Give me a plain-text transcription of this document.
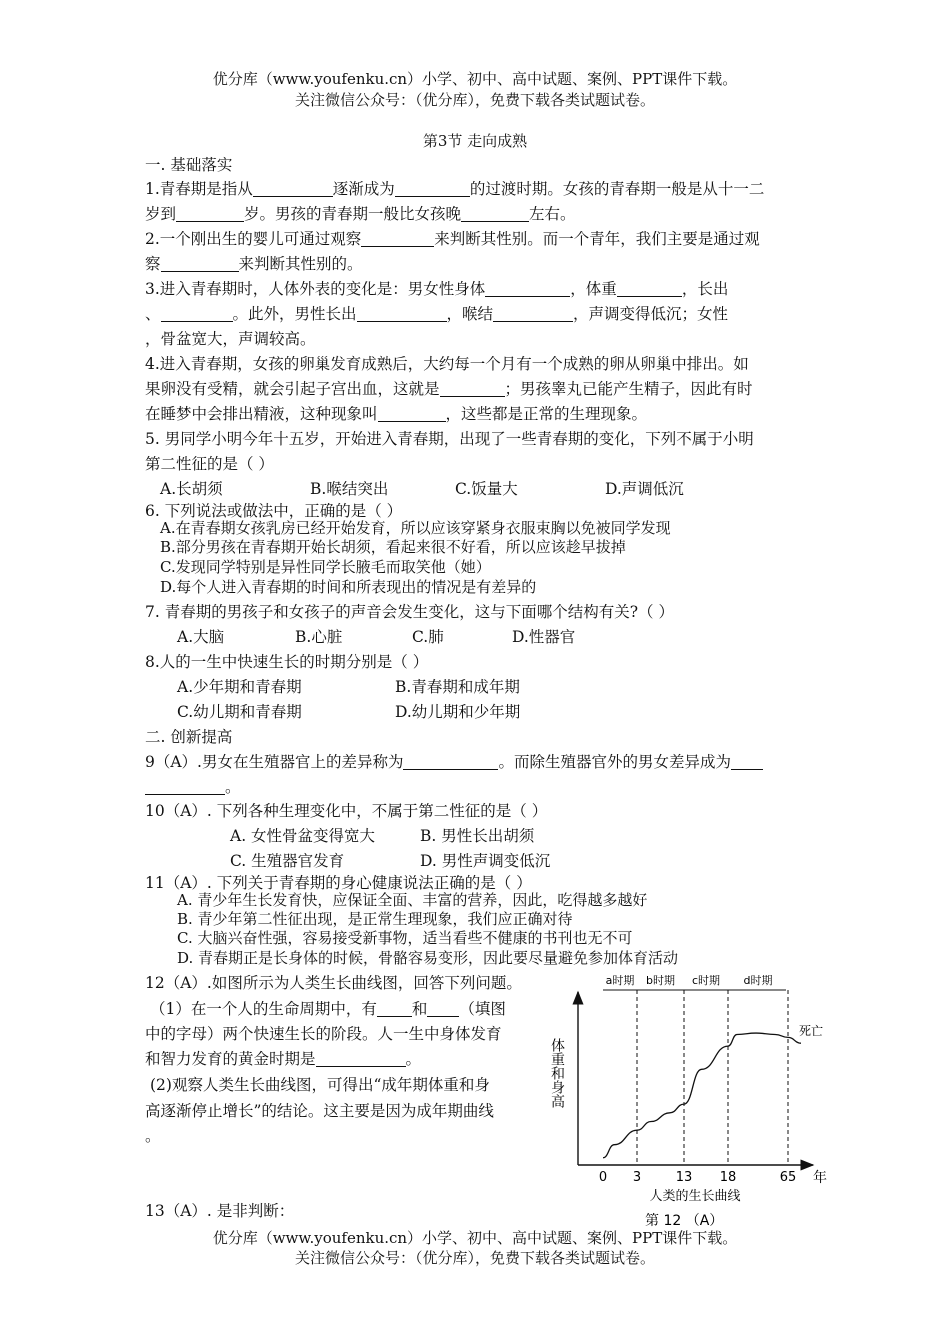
优分库（www.youfenku.cn）小学、初中、高中试题、案例、PPT课件下载。
关注微信公众号：（优分库），免费下载各类试题试卷。
第3节 走向成熟
一. 基础落实
1.青春期是指从	逐渐成为	的过渡时期。女孩的青春期一般是从十一二
岁到	岁。男孩的青春期一般比女孩晚	左右。
2.一个刚出生的婴儿可通过观察	来判断其性别。而一个青年，我们主要是通过观
察	来判断其性别的。
3.进入青春期时，人体外表的变化是：男女性身体	，体重	，长出
、	。此外，男性长出	，喉结	，声调变得低沉；女性
，骨盆宽大，声调较高。
4.进入青春期，女孩的卵巢发育成熟后，大约每一个月有一个成熟的卵从卵巢中排出。如
果卵没有受精，就会引起子宫出血，这就是	；男孩睾丸已能产生精子，因此有时
在睡梦中会排出精液，这种现象叫	，这些都是正常的生理现象。
5. 男同学小明今年十五岁，开始进入青春期，出现了一些青春期的变化，下列不属于小明
第二性征的是（ ）
A.长胡须	B.喉结突出	C.饭量大	D.声调低沉
6. 下列说法或做法中，正确的是（ ）
A.在青春期女孩乳房已经开始发育，所以应该穿紧身衣服束胸以免被同学发现
B.部分男孩在青春期开始长胡须，看起来很不好看，所以应该趁早拔掉
C.发现同学特别是异性同学长腋毛而取笑他（她）
D.每个人进入青春期的时间和所表现出的情况是有差异的
7. 青春期的男孩子和女孩子的声音会发生变化，这与下面哪个结构有关?（ ）
A.大脑	B.心脏	C.肺	D.性器官
8.人的一生中快速生长的时期分别是（ ）
A.少年期和青春期	B.青春期和成年期
C.幼儿期和青春期	D.幼儿期和少年期
二. 创新提高
9（A）.男女在生殖器官上的差异称为	。而除生殖器官外的男女差异成为
。
10（A）. 下列各种生理变化中，不属于第二性征的是（ ）
A. 女性骨盆变得宽大	B. 男性长出胡须
C. 生殖器官发育	D. 男性声调变低沉
11（A）. 下列关于青春期的身心健康说法正确的是（ ）
A. 青少年生长发育快，应保证全面、丰富的营养，因此，吃得越多越好
B. 青少年第二性征出现，是正常生理现象，我们应正确对待
C. 大脑兴奋性强，容易接受新事物，适当看些不健康的书刊也无不可
D. 青春期正是长身体的时候，骨骼容易变形，因此要尽量避免参加体育活动
12（A）.如图所示为人类生长曲线图，回答下列问题。
（1）在一个人的生命周期中，有 和 （填图
中的字母）两个快速生长的阶段。人一生中身体发育
和智力发育的黄金时期是	。
(2)观察人类生长曲线图，可得出“成年期体重和身
高逐渐停止增长”的结论。这主要是因为成年期曲线
。
a时期 b时期 c时期 d时期
0 3	13 18	65
死亡
体重和身高
年
人类的生长曲线
第 12 （A）
13（A）. 是非判断：
优分库（www.youfenku.cn）小学、初中、高中试题、案例、PPT课件下载。
关注微信公众号：（优分库），免费下载各类试题试卷。
